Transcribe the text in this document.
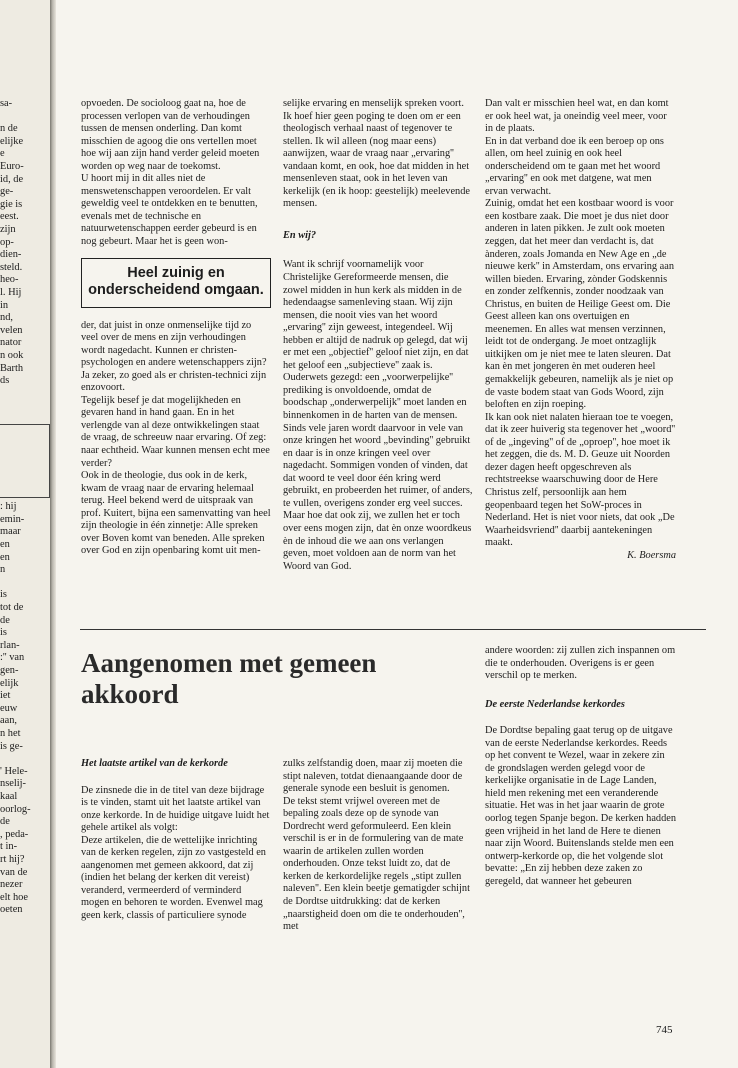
sa-
n de
elijke
e
Euro-
id, de
ge-
gie is
eest.
zijn
op-
dien-
steld.
heo-
l. Hij
in
nd,
velen
nator
n ook
Barth
ds
: hij
emin-
maar
en
en
n
is
tot de
de
is
rlan-
:'' van
gen-
elijk
iet
euw
aan,
n het
is ge-
' Hele-
nselij-
kaal
oorlog-
de
, peda-
t in-
rt hij?
van de
nezer
elt hoe
oeten

opvoeden. De socioloog gaat na, hoe de processen verlopen van de verhoudingen tussen de mensen onderling. Dan komt misschien de agoog die ons vertellen moet hoe wij aan zijn hand verder geleid moeten worden op weg naar de toekomst.

U hoort mij in dit alles niet de menswetenschappen veroordelen. Er valt geweldig veel te ontdekken en te benutten, evenals met de technische en natuurwetenschappen eerder gebeurd is en nog gebeurt. Maar het is geen won-

Heel zuinig en onderscheidend omgaan.

der, dat juist in onze onmenselijke tijd zo veel over de mens en zijn verhoudingen wordt nagedacht. Kunnen er christen-psychologen en andere wetenschappers zijn? Ja zeker, zo goed als er christen-technici zijn enzovoort.

Tegelijk besef je dat mogelijkheden en gevaren hand in hand gaan. En in het verlengde van al deze ontwikkelingen staat de vraag, de schreeuw naar ervaring. Of zeg: naar echtheid. Waar kunnen mensen echt mee verder?

Ook in de theologie, dus ook in de kerk, kwam de vraag naar de ervaring helemaal terug. Heel bekend werd de uitspraak van prof. Kuitert, bijna een samenvatting van heel zijn theologie in één zinnetje: Alle spreken over Boven komt van beneden. Alle spreken over God en zijn openbaring komt uit men-

selijke ervaring en menselijk spreken voort. Ik hoef hier geen poging te doen om er een theologisch verhaal naast of tegenover te stellen. Ik wil alleen (nog maar eens) aanwijzen, waar de vraag naar „ervaring'' vandaan komt, en ook, hoe dat midden in het mensenleven staat, ook in het leven van kerkelijk (en ik hoop: geestelijk) meelevende mensen.

En wij?

Want ik schrijf voornamelijk voor Christelijke Gereformeerde mensen, die zowel midden in hun kerk als midden in de hedendaagse samenleving staan. Wij zijn mensen, die nooit vies van het woord „ervaring'' zijn geweest, integendeel. Wij hebben er altijd de nadruk op gelegd, dat wij er met een „objectief'' geloof niet zijn, en dat het geloof een „subjectieve'' zaak is. Ouderwets gezegd: een „voorwerpelijke'' prediking is onvoldoende, omdat de boodschap „onderwerpelijk'' moet landen en binnenkomen in de harten van de mensen. Sinds vele jaren wordt daarvoor in vele van onze kringen het woord „bevinding'' gebruikt en daar is in onze kringen veel over nagedacht. Sommigen vonden of vinden, dat dat woord te veel door één kring werd gebruikt, en probeerden het ruimer, of anders, te vullen, overigens zonder erg veel succes. Maar hoe dat ook zij, we zullen het er toch over eens mogen zijn, dat èn onze woordkeus èn de inhoud die we aan ons verlangen geven, moet voldoen aan de norm van het Woord van God.

Dan valt er misschien heel wat, en dan komt er ook heel wat, ja oneindig veel meer, voor in de plaats.

En in dat verband doe ik een beroep op ons allen, om heel zuinig en ook heel onderscheidend om te gaan met het woord „ervaring'' en ook met datgene, wat men ervan verwacht.

Zuinig, omdat het een kostbaar woord is voor een kostbare zaak. Die moet je dus niet door anderen in laten pikken. Je zult ook moeten zeggen, dat het meer dan verdacht is, dat ànderen, zoals Jomanda en New Age en „de nieuwe kerk'' in Amsterdam, ons ervaring aan willen bieden. Ervaring, zònder Godskennis en zonder zelfkennis, zonder noodzaak van Christus, en buiten de Heilige Geest om. Die Geest alleen kan ons overtuigen en meenemen. En alles wat mensen verzinnen, leidt tot de ondergang. Je moet ontzaglijk uitkijken om je niet mee te laten sleuren. Dat kan èn met jongeren èn met ouderen heel gemakkelijk gebeuren, namelijk als je niet op de vaste bodem staat van Gods Woord, zijn beloften en zijn roeping.

Ik kan ook niet nalaten hieraan toe te voegen, dat ik zeer huiverig sta tegenover het „woord'' of de „ingeving'' of de „oproep'', hoe moet ik het zeggen, die ds. M. D. Geuze uit Noorden dezer dagen heeft opgeschreven als rechtstreekse waarschuwing door de Here Christus zelf, persoonlijk aan hem geopenbaard tegen het SoW-proces in Nederland. Het is niet voor niets, dat ook „De Waarheidsvriend'' daarbij aantekeningen maakt.

K. Boersma

Aangenomen met gemeen akkoord

Het laatste artikel van de kerkorde

De zinsnede die in de titel van deze bijdrage is te vinden, stamt uit het laatste artikel van onze kerkorde. In de huidige uitgave luidt het gehele artikel als volgt:

Deze artikelen, die de wettelijke inrichting van de kerken regelen, zijn zo vastgesteld en aangenomen met gemeen akkoord, dat zij (indien het belang der kerken dit vereist) veranderd, vermeerderd of verminderd mogen en behoren te worden. Evenwel mag geen kerk, classis of particuliere synode

zulks zelfstandig doen, maar zij moeten die stipt naleven, totdat dienaangaande door de generale synode een besluit is genomen.

De tekst stemt vrijwel overeen met de bepaling zoals deze op de synode van Dordrecht werd geformuleerd. Een klein verschil is er in de formulering van de mate waarin de artikelen zullen worden onderhouden. Onze tekst luidt zo, dat de kerken de kerkordelijke regels „stipt zullen naleven''. Een klein beetje gematigder schijnt de Dordtse uitdrukking: dat de kerken „naarstigheid doen om die te onderhouden'', met

andere woorden: zij zullen zich inspannen om die te onderhouden. Overigens is er geen verschil op te merken.

De eerste Nederlandse kerkordes

De Dordtse bepaling gaat terug op de uitgave van de eerste Nederlandse kerkordes. Reeds op het convent te Wezel, waar in zekere zin de grondslagen werden gelegd voor de kerkelijke organisatie in de Lage Landen, hield men rekening met een veranderende situatie. Het was in het jaar waarin de grote oorlog tegen Spanje begon. De kerken hadden geen vrijheid in het land de Here te dienen naar zijn Woord. Buitenslands stelde men een ontwerp-kerkorde op, die het volgende slot bevatte: „En zij hebben deze zaken zo geregeld, dat wanneer het gebeuren

745
